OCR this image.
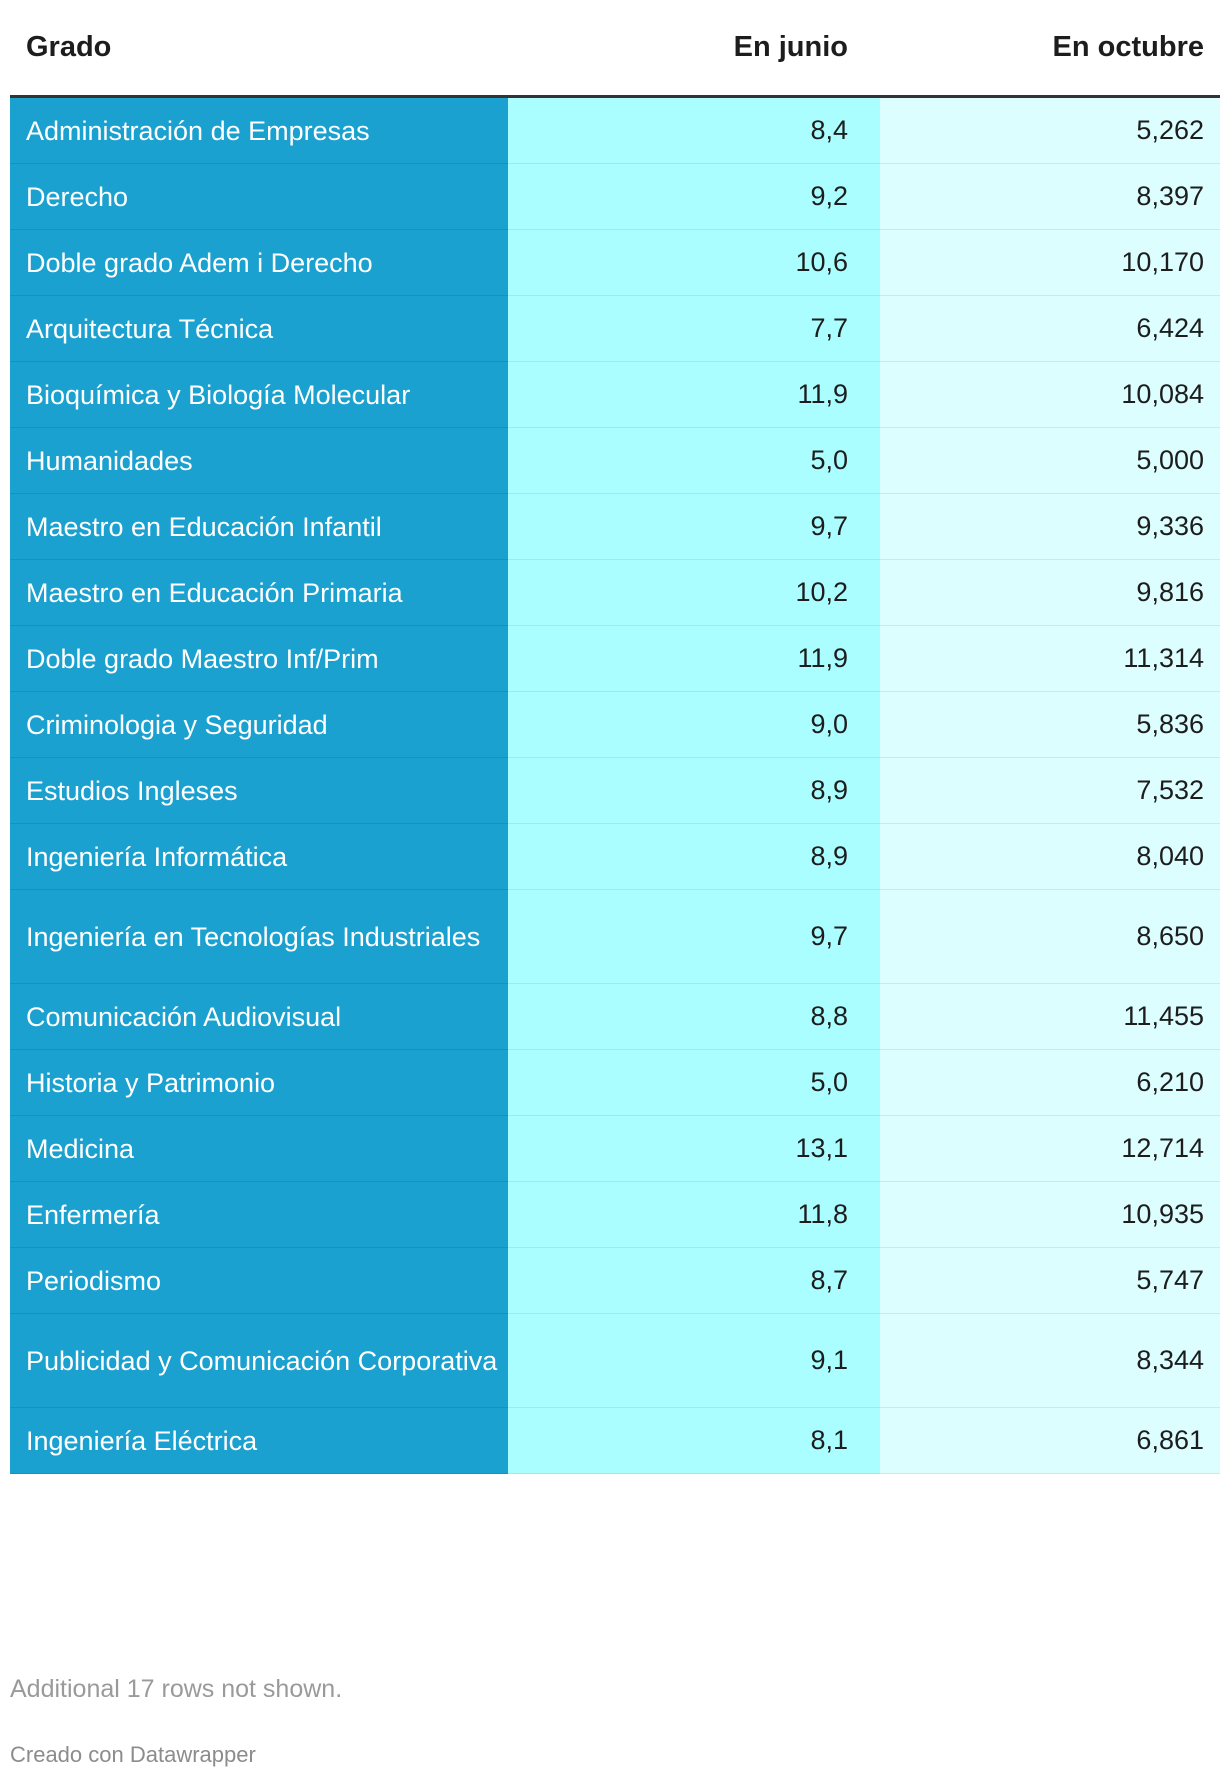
Grado	En junio	En octubre
Administración de Empresas	8,4	5,262
Derecho	9,2	8,397
Doble grado Adem i Derecho	10,6	10,170
Arquitectura Técnica	7,7	6,424
Bioquímica y Biología Molecular	11,9	10,084
Humanidades	5,0	5,000
Maestro en Educación Infantil	9,7	9,336
Maestro en Educación Primaria	10,2	9,816
Doble grado Maestro Inf/Prim	11,9	11,314
Criminologia y Seguridad	9,0	5,836
Estudios Ingleses	8,9	7,532
Ingeniería Informática	8,9	8,040
Ingeniería en Tecnologías Industriales	9,7	8,650
Comunicación Audiovisual	8,8	11,455
Historia y Patrimonio	5,0	6,210
Medicina	13,1	12,714
Enfermería	11,8	10,935
Periodismo	8,7	5,747
Publicidad y Comunicación Corporativa	9,1	8,344
Ingeniería Eléctrica	8,1	6,861
Additional 17 rows not shown.
Creado con Datawrapper
